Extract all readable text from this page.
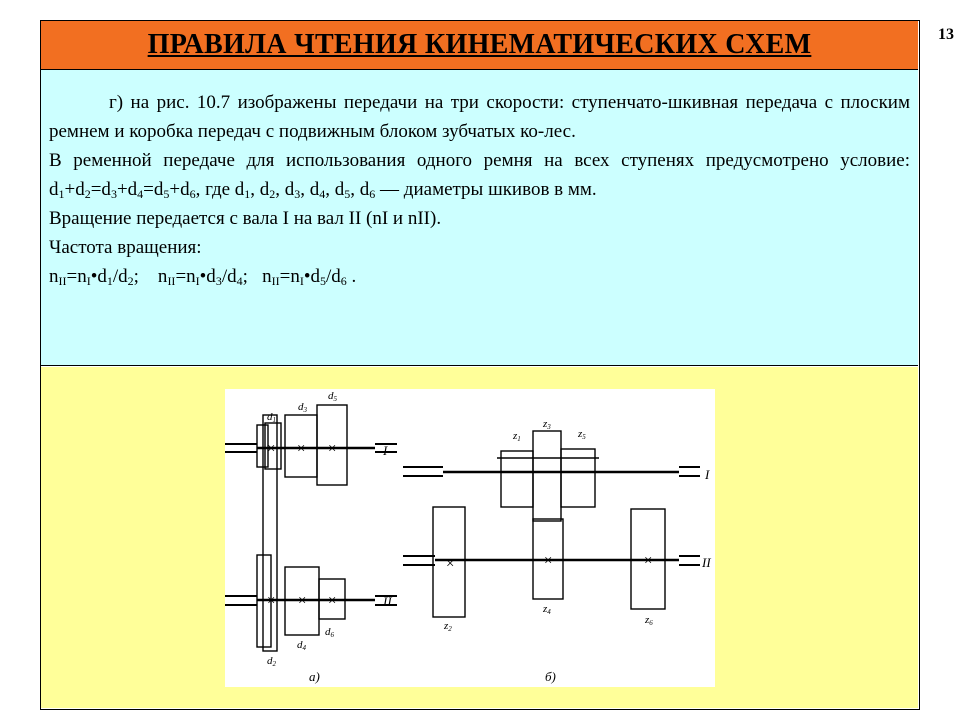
13
ПРАВИЛА ЧТЕНИЯ КИНЕМАТИЧЕСКИХ СХЕМ

г) на рис. 10.7 изображены передачи на три скорости: ступенчато-шкивная передача с плоским ремнем и коробка передач с подвижным блоком зубчатых ко-лес.

В ременной передаче для использования одного ремня на всех ступенях предусмотрено условие: $d_1+d_2=d_3+d_4=d_5+d_6$, где $d_1$, $d_2$, $d_3$, $d_4$, $d_5$, $d_6$ — диаметры шкивов в мм.

Вращение передается с вала I на вал II (nI и nII).

Частота вращения:

$n_{II}=n_I•d_1/d_2$;    $n_{II}=n_I•d_3/d_4$;   $n_{II}=n_I•d_5/d_6$ .

× × ×
× × ×
d1
d3
d5
d2
d4
d6
I
II
а)
×
×	×
z1
z3
z5
z2
z4
z6
I
II
б)
